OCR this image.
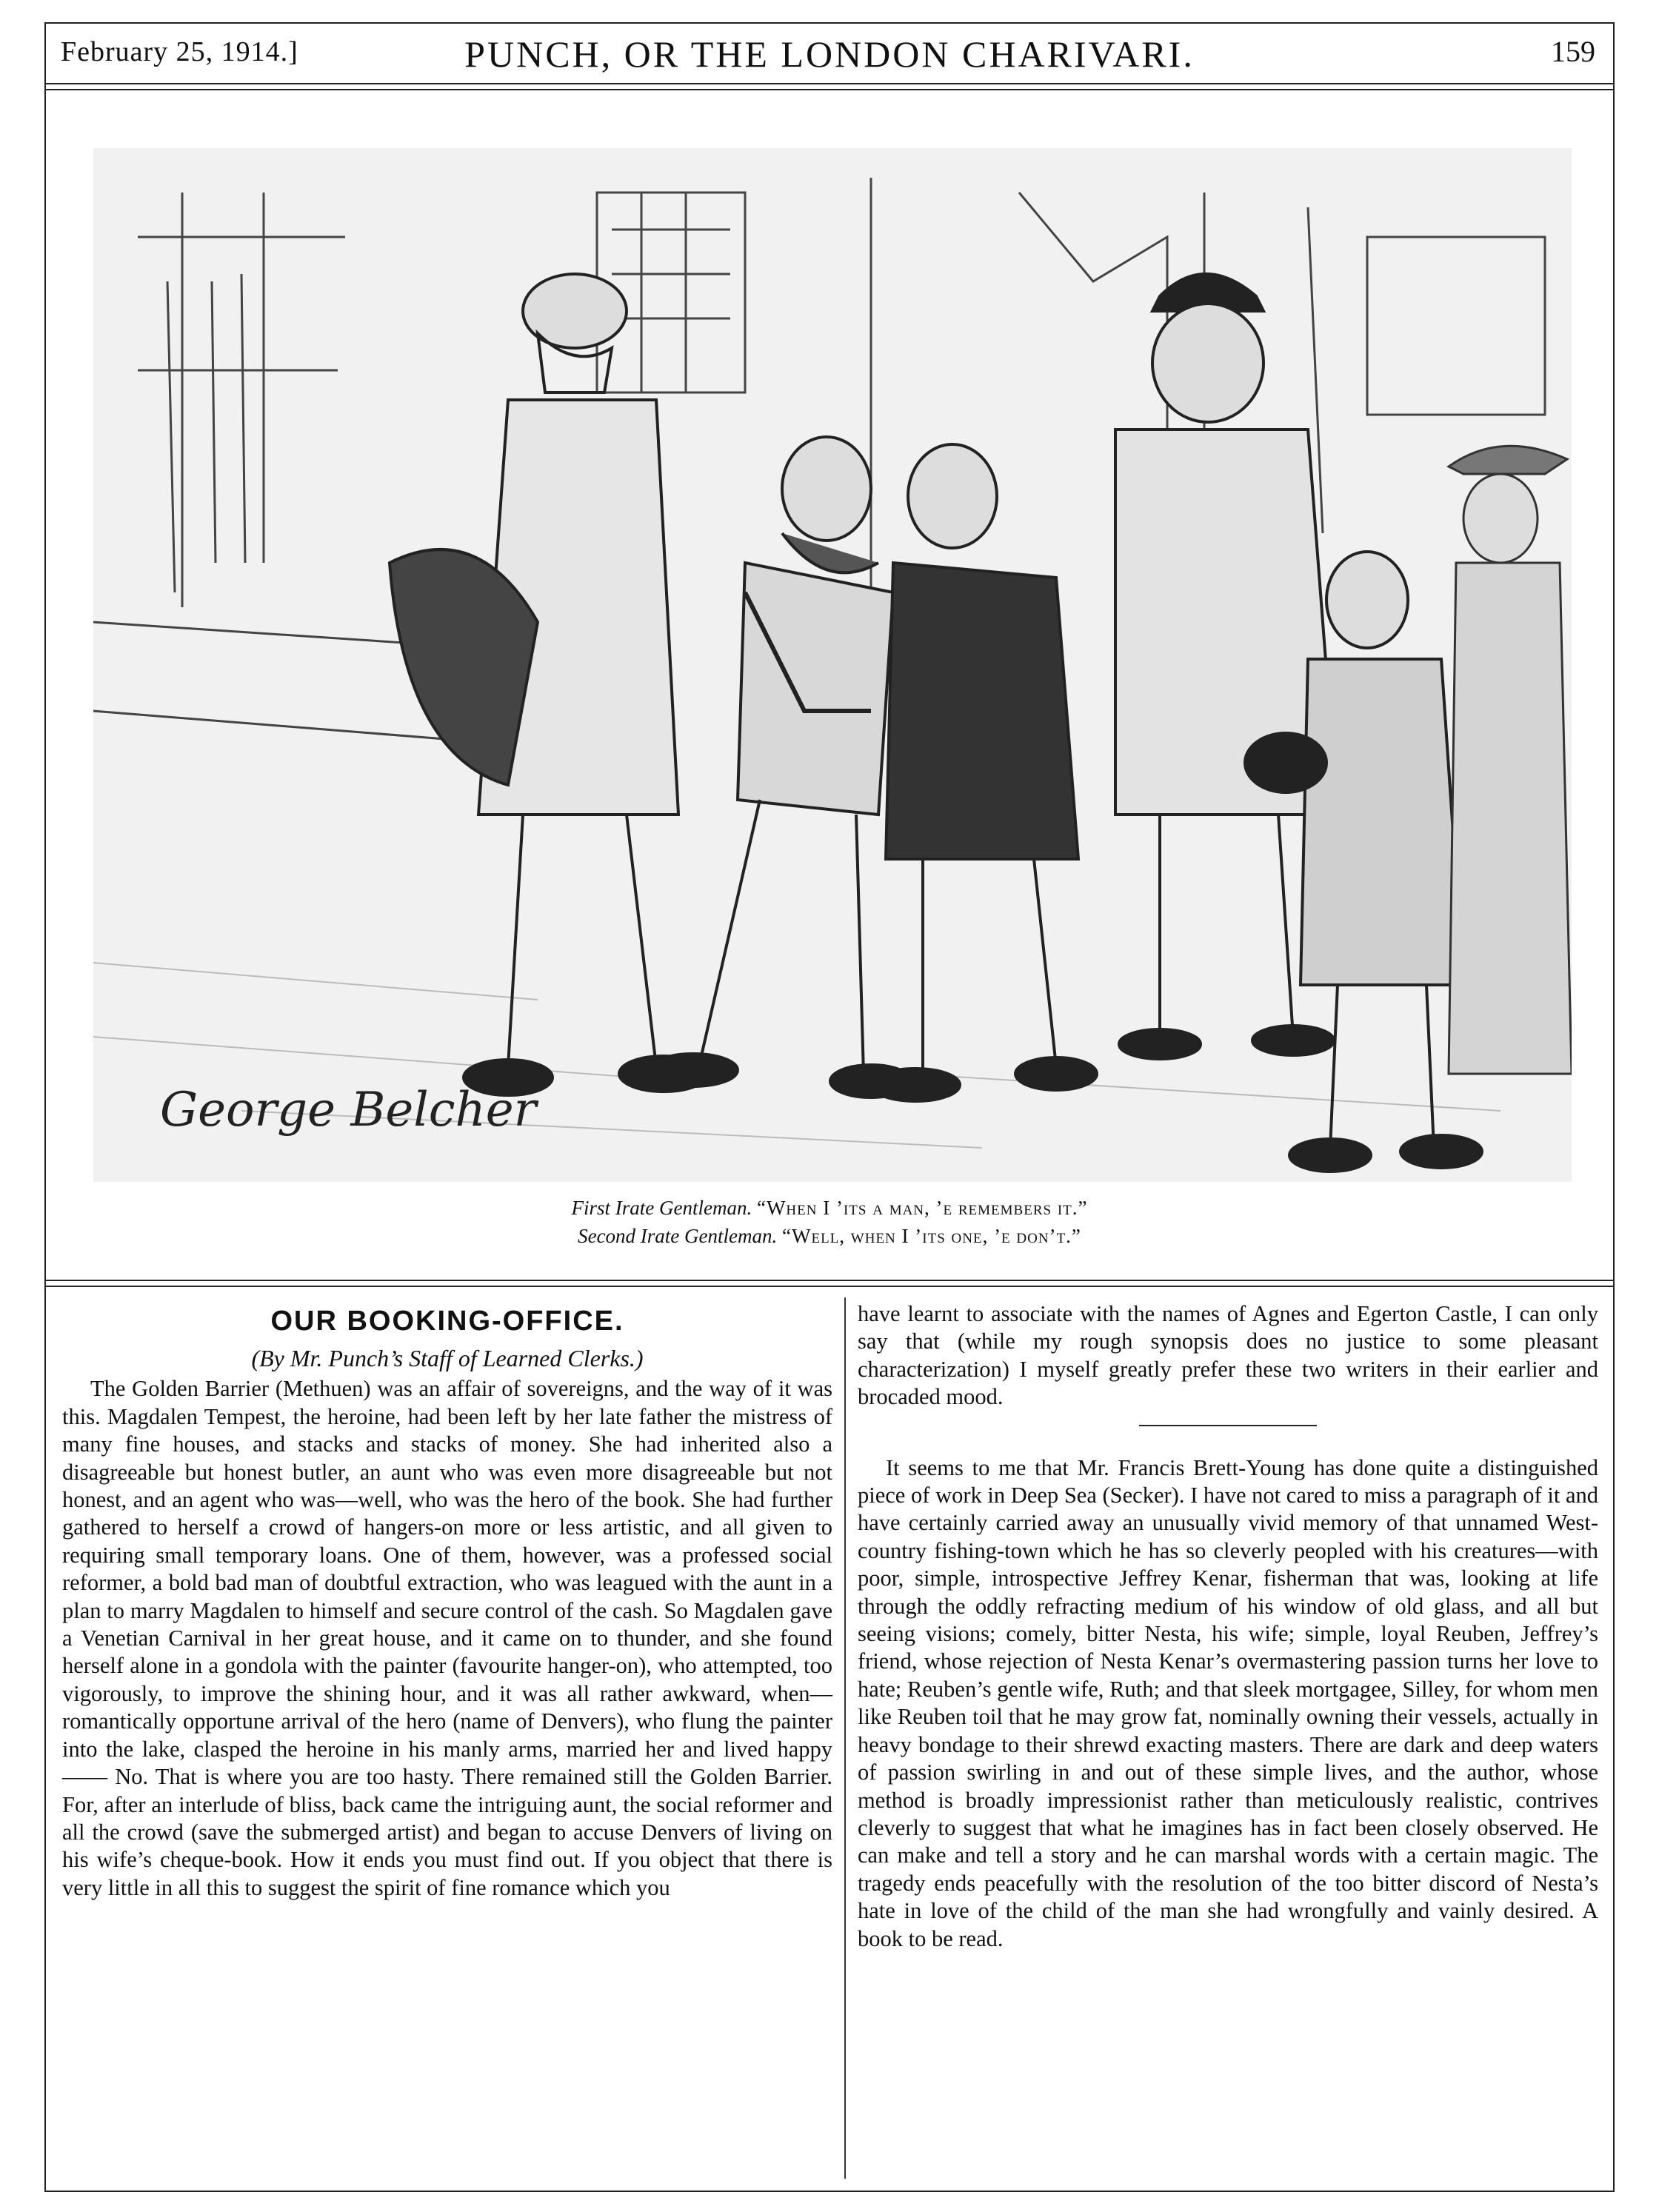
February 25, 1914.]	PUNCH, OR THE LONDON CHARIVARI.	159
George Belcher
First Irate Gentleman. “When I ’its a man, ’e remembers it.”
Second Irate Gentleman. “Well, when I ’its one, ’e don’t.”
OUR BOOKING-OFFICE.
(By Mr. Punch’s Staff of Learned Clerks.)

The Golden Barrier (Methuen) was an affair of sovereigns, and the way of it was this. Magdalen Tempest, the heroine, had been left by her late father the mistress of many fine houses, and stacks and stacks of money. She had inherited also a disagreeable but honest butler, an aunt who was even more disagreeable but not honest, and an agent who was—well, who was the hero of the book. She had further gathered to herself a crowd of hangers-on more or less artistic, and all given to requiring small temporary loans. One of them, however, was a professed social reformer, a bold bad man of doubtful extraction, who was leagued with the aunt in a plan to marry Magdalen to himself and secure control of the cash. So Magdalen gave a Venetian Carnival in her great house, and it came on to thunder, and she found herself alone in a gondola with the painter (favourite hanger-on), who attempted, too vigorously, to improve the shining hour, and it was all rather awkward, when—romantically opportune arrival of the hero (name of Denvers), who flung the painter into the lake, clasped the heroine in his manly arms, married her and lived happy—— No. That is where you are too hasty. There remained still the Golden Barrier. For, after an interlude of bliss, back came the intriguing aunt, the social reformer and all the crowd (save the submerged artist) and began to accuse Denvers of living on his wife’s cheque-book. How it ends you must find out. If you object that there is very little in all this to suggest the spirit of fine romance which you

have learnt to associate with the names of Agnes and Egerton Castle, I can only say that (while my rough synopsis does no justice to some pleasant characterization) I myself greatly prefer these two writers in their earlier and brocaded mood.

It seems to me that Mr. Francis Brett-Young has done quite a distinguished piece of work in Deep Sea (Secker). I have not cared to miss a paragraph of it and have certainly carried away an unusually vivid memory of that unnamed West-country fishing-town which he has so cleverly peopled with his creatures—with poor, simple, introspective Jeffrey Kenar, fisherman that was, looking at life through the oddly refracting medium of his window of old glass, and all but seeing visions; comely, bitter Nesta, his wife; simple, loyal Reuben, Jeffrey’s friend, whose rejection of Nesta Kenar’s overmastering passion turns her love to hate; Reuben’s gentle wife, Ruth; and that sleek mortgagee, Silley, for whom men like Reuben toil that he may grow fat, nominally owning their vessels, actually in heavy bondage to their shrewd exacting masters. There are dark and deep waters of passion swirling in and out of these simple lives, and the author, whose method is broadly impressionist rather than meticulously realistic, contrives cleverly to suggest that what he imagines has in fact been closely observed. He can make and tell a story and he can marshal words with a certain magic. The tragedy ends peacefully with the resolution of the too bitter discord of Nesta’s hate in love of the child of the man she had wrongfully and vainly desired. A book to be read.
